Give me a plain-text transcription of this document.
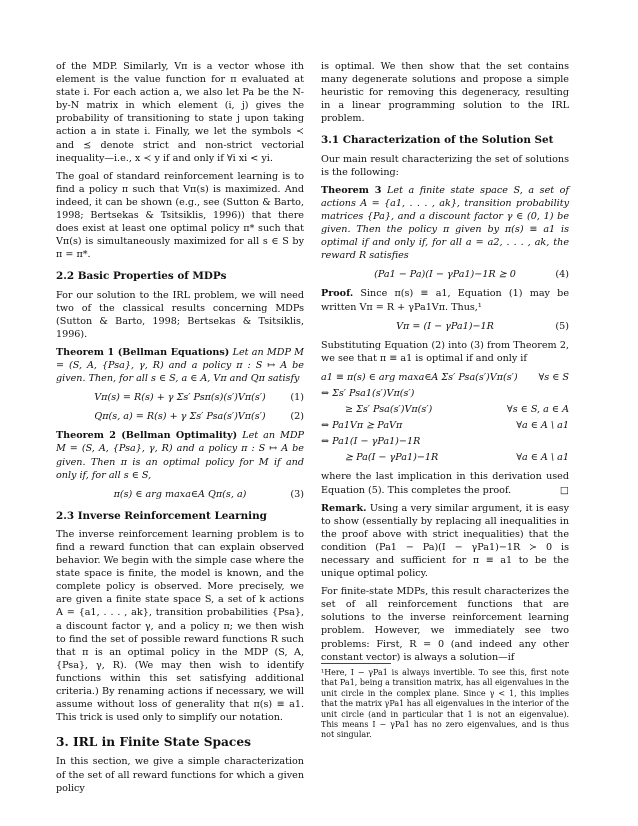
of the MDP. Similarly, Vπ is a vector whose ith element is the value function for π evaluated at state i. For each action a, we also let Pa be the N-by-N matrix in which element (i, j) gives the probability of transitioning to state j upon taking action a in state i. Finally, we let the symbols ≺ and ⪯ denote strict and non-strict vectorial inequality—i.e., x ≺ y if and only if ∀i xi < yi.

The goal of standard reinforcement learning is to find a policy π such that Vπ(s) is maximized. And indeed, it can be shown (e.g., see (Sutton & Barto, 1998; Bertsekas & Tsitsiklis, 1996)) that there does exist at least one optimal policy π* such that Vπ(s) is simultaneously maximized for all s ∈ S by π = π*.

2.2 Basic Properties of MDPs

For our solution to the IRL problem, we will need two of the classical results concerning MDPs (Sutton & Barto, 1998; Bertsekas & Tsitsiklis, 1996).

Theorem 1 (Bellman Equations) Let an MDP M = (S, A, {Psa}, γ, R) and a policy π : S ↦ A be given. Then, for all s ∈ S, a ∈ A, Vπ and Qπ satisfy

Vπ(s) = R(s) + γ Σs′ Psπ(s)(s′)Vπ(s′)	(1)
Qπ(s, a) = R(s) + γ Σs′ Psa(s′)Vπ(s′)	(2)

Theorem 2 (Bellman Optimality) Let an MDP M = (S, A, {Psa}, γ, R) and a policy π : S ↦ A be given. Then π is an optimal policy for M if and only if, for all s ∈ S,

π(s) ∈ arg maxa∈A Qπ(s, a)	(3)
2.3 Inverse Reinforcement Learning

The inverse reinforcement learning problem is to find a reward function that can explain observed behavior. We begin with the simple case where the state space is finite, the model is known, and the complete policy is observed. More precisely, we are given a finite state space S, a set of k actions A = {a1, . . . , ak}, transition probabilities {Psa}, a discount factor γ, and a policy π; we then wish to find the set of possible reward functions R such that π is an optimal policy in the MDP (S, A, {Psa}, γ, R). (We may then wish to identify functions within this set satisfying additional criteria.) By renaming actions if necessary, we will assume without loss of generality that π(s) ≡ a1. This trick is used only to simplify our notation.

3. IRL in Finite State Spaces

In this section, we give a simple characterization of the set of all reward functions for which a given policy

is optimal. We then show that the set contains many degenerate solutions and propose a simple heuristic for removing this degeneracy, resulting in a linear programming solution to the IRL problem.

3.1 Characterization of the Solution Set

Our main result characterizing the set of solutions is the following:

Theorem 3 Let a finite state space S, a set of actions A = {a1, . . . , ak}, transition probability matrices {Pa}, and a discount factor γ ∈ (0, 1) be given. Then the policy π given by π(s) ≡ a1 is optimal if and only if, for all a = a2, . . . , ak, the reward R satisfies

(Pa1 − Pa)(I − γPa1)−1R ⪰ 0	(4)

Proof. Since π(s) ≡ a1, Equation (1) may be written Vπ = R + γPa1Vπ. Thus,¹

Vπ = (I − γPa1)−1R	(5)

Substituting Equation (2) into (3) from Theorem 2, we see that π ≡ a1 is optimal if and only if

a1 ≡ π(s) ∈ arg maxa∈A Σs′ Psa(s′)Vπ(s′)	∀s ∈ S
⇔ Σs′ Psa1(s′)Vπ(s′)
≥ Σs′ Psa(s′)Vπ(s′)	∀s ∈ S, a ∈ A
⇔ Pa1Vπ ⪰ PaVπ	∀a ∈ A \ a1
⇔ Pa1(I − γPa1)−1R
⪰ Pa(I − γPa1)−1R	∀a ∈ A \ a1

where the last implication in this derivation used Equation (5). This completes the proof.	□

Remark. Using a very similar argument, it is easy to show (essentially by replacing all inequalities in the proof above with strict inequalities) that the condition (Pa1 − Pa)(I − γPa1)−1R ≻ 0 is necessary and sufficient for π ≡ a1 to be the unique optimal policy.

For finite-state MDPs, this result characterizes the set of all reinforcement functions that are solutions to the inverse reinforcement learning problem. However, we immediately see two problems: First, R = 0 (and indeed any other constant vector) is always a solution—if

¹Here, I − γPa1 is always invertible. To see this, first note that Pa1, being a transition matrix, has all eigenvalues in the unit circle in the complex plane. Since γ < 1, this implies that the matrix γPa1 has all eigenvalues in the interior of the unit circle (and in particular that 1 is not an eigenvalue). This means I − γPa1 has no zero eigenvalues, and is thus not singular.
